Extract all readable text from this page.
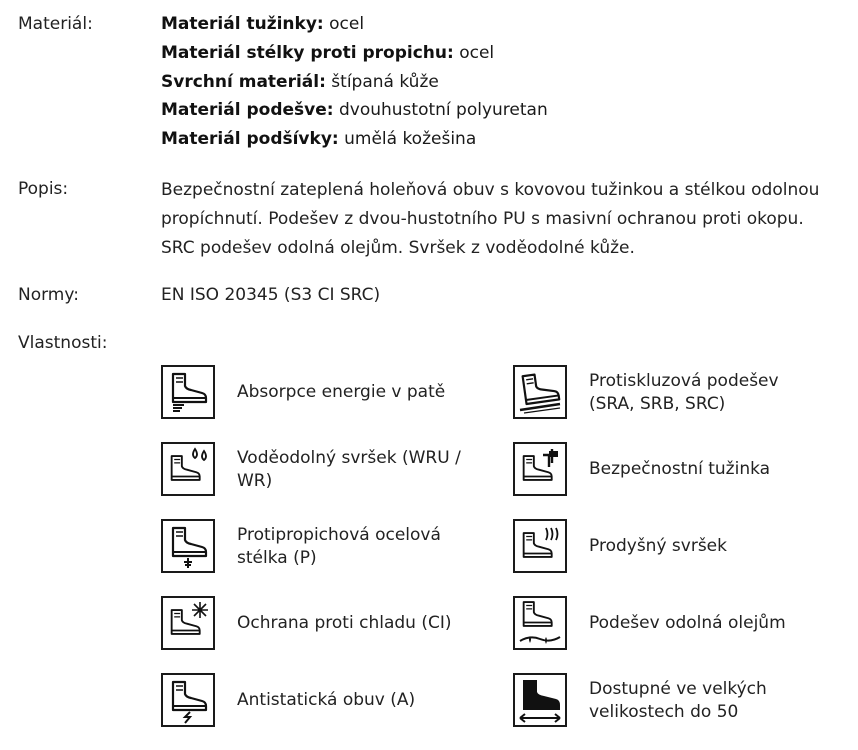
Materiál:	Materiál tužinky: ocel
Materiál stélky proti propichu: ocel
Svrchní materiál: štípaná kůže
Materiál podešve: dvouhustotní polyuretan
Materiál podšívky: umělá kožešina
Popis:	Bezpečnostní zateplená holeňová obuv s kovovou tužinkou a stélkou odolnou
propíchnutí. Podešev z dvou-hustotního PU s masivní ochranou proti okopu.
SRC podešev odolná olejům. Svršek z voděodolné kůže.
Normy:	EN ISO 20345 (S3 CI SRC)
Vlastnosti:
Absorpce energie v patě
Protiskluzová podešev
(SRA, SRB, SRC)
Voděodolný svršek (WRU /
WR)
Bezpečnostní tužinka
Protipropichová ocelová
stélka (P)
Prodyšný svršek
Ochrana proti chladu (CI)	Podešev odolná olejům
Antistatická obuv (A)
Dostupné ve velkých
velikostech do 50
